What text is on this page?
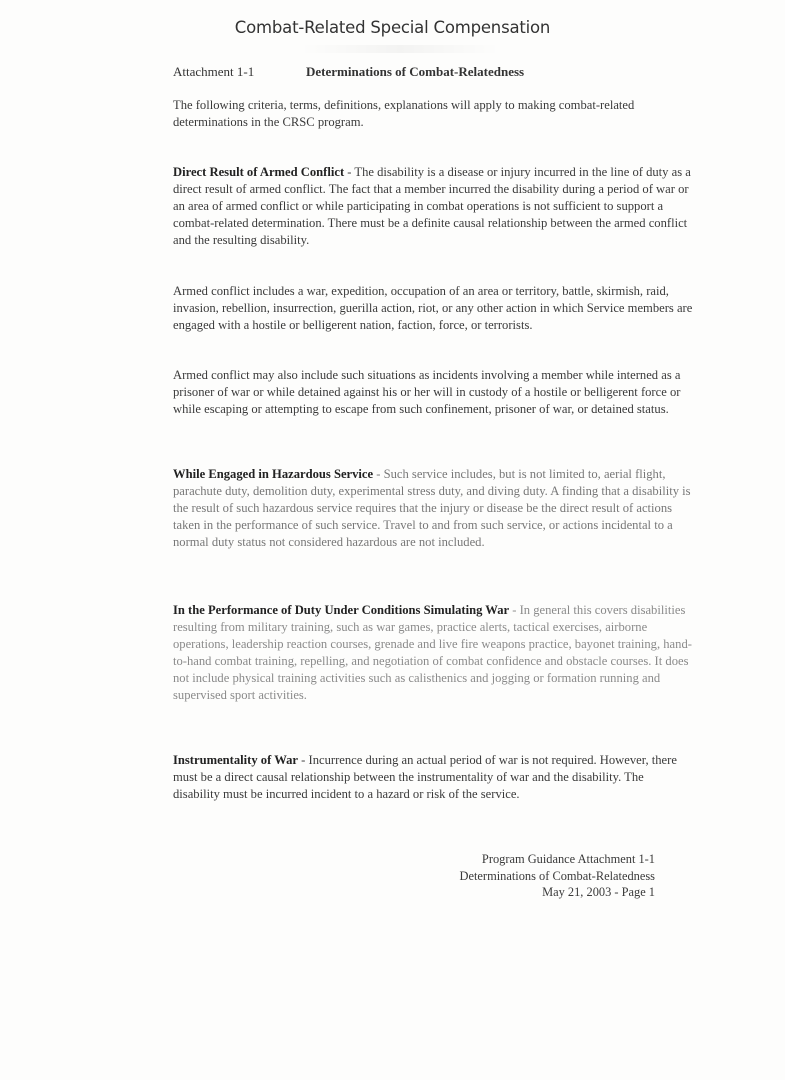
Combat-Related Special Compensation
Attachment 1-1	Determinations of Combat-Relatedness
The following criteria, terms, definitions, explanations will apply to making combat-related determinations in the CRSC program.
Direct Result of Armed Conflict - The disability is a disease or injury incurred in the line of duty as a direct result of armed conflict. The fact that a member incurred the disability during a period of war or an area of armed conflict or while participating in combat operations is not sufficient to support a combat-related determination. There must be a definite causal relationship between the armed conflict and the resulting disability.
Armed conflict includes a war, expedition, occupation of an area or territory, battle, skirmish, raid, invasion, rebellion, insurrection, guerilla action, riot, or any other action in which Service members are engaged with a hostile or belligerent nation, faction, force, or terrorists.
Armed conflict may also include such situations as incidents involving a member while interned as a prisoner of war or while detained against his or her will in custody of a hostile or belligerent force or while escaping or attempting to escape from such confinement, prisoner of war, or detained status.
While Engaged in Hazardous Service - Such service includes, but is not limited to, aerial flight, parachute duty, demolition duty, experimental stress duty, and diving duty. A finding that a disability is the result of such hazardous service requires that the injury or disease be the direct result of actions taken in the performance of such service. Travel to and from such service, or actions incidental to a normal duty status not considered hazardous are not included.
In the Performance of Duty Under Conditions Simulating War - In general this covers disabilities resulting from military training, such as war games, practice alerts, tactical exercises, airborne operations, leadership reaction courses, grenade and live fire weapons practice, bayonet training, hand-to-hand combat training, repelling, and negotiation of combat confidence and obstacle courses. It does not include physical training activities such as calisthenics and jogging or formation running and supervised sport activities.
Instrumentality of War - Incurrence during an actual period of war is not required. However, there must be a direct causal relationship between the instrumentality of war and the disability. The disability must be incurred incident to a hazard or risk of the service.
Program Guidance Attachment 1-1
Determinations of Combat-Relatedness
May 21, 2003 - Page 1
